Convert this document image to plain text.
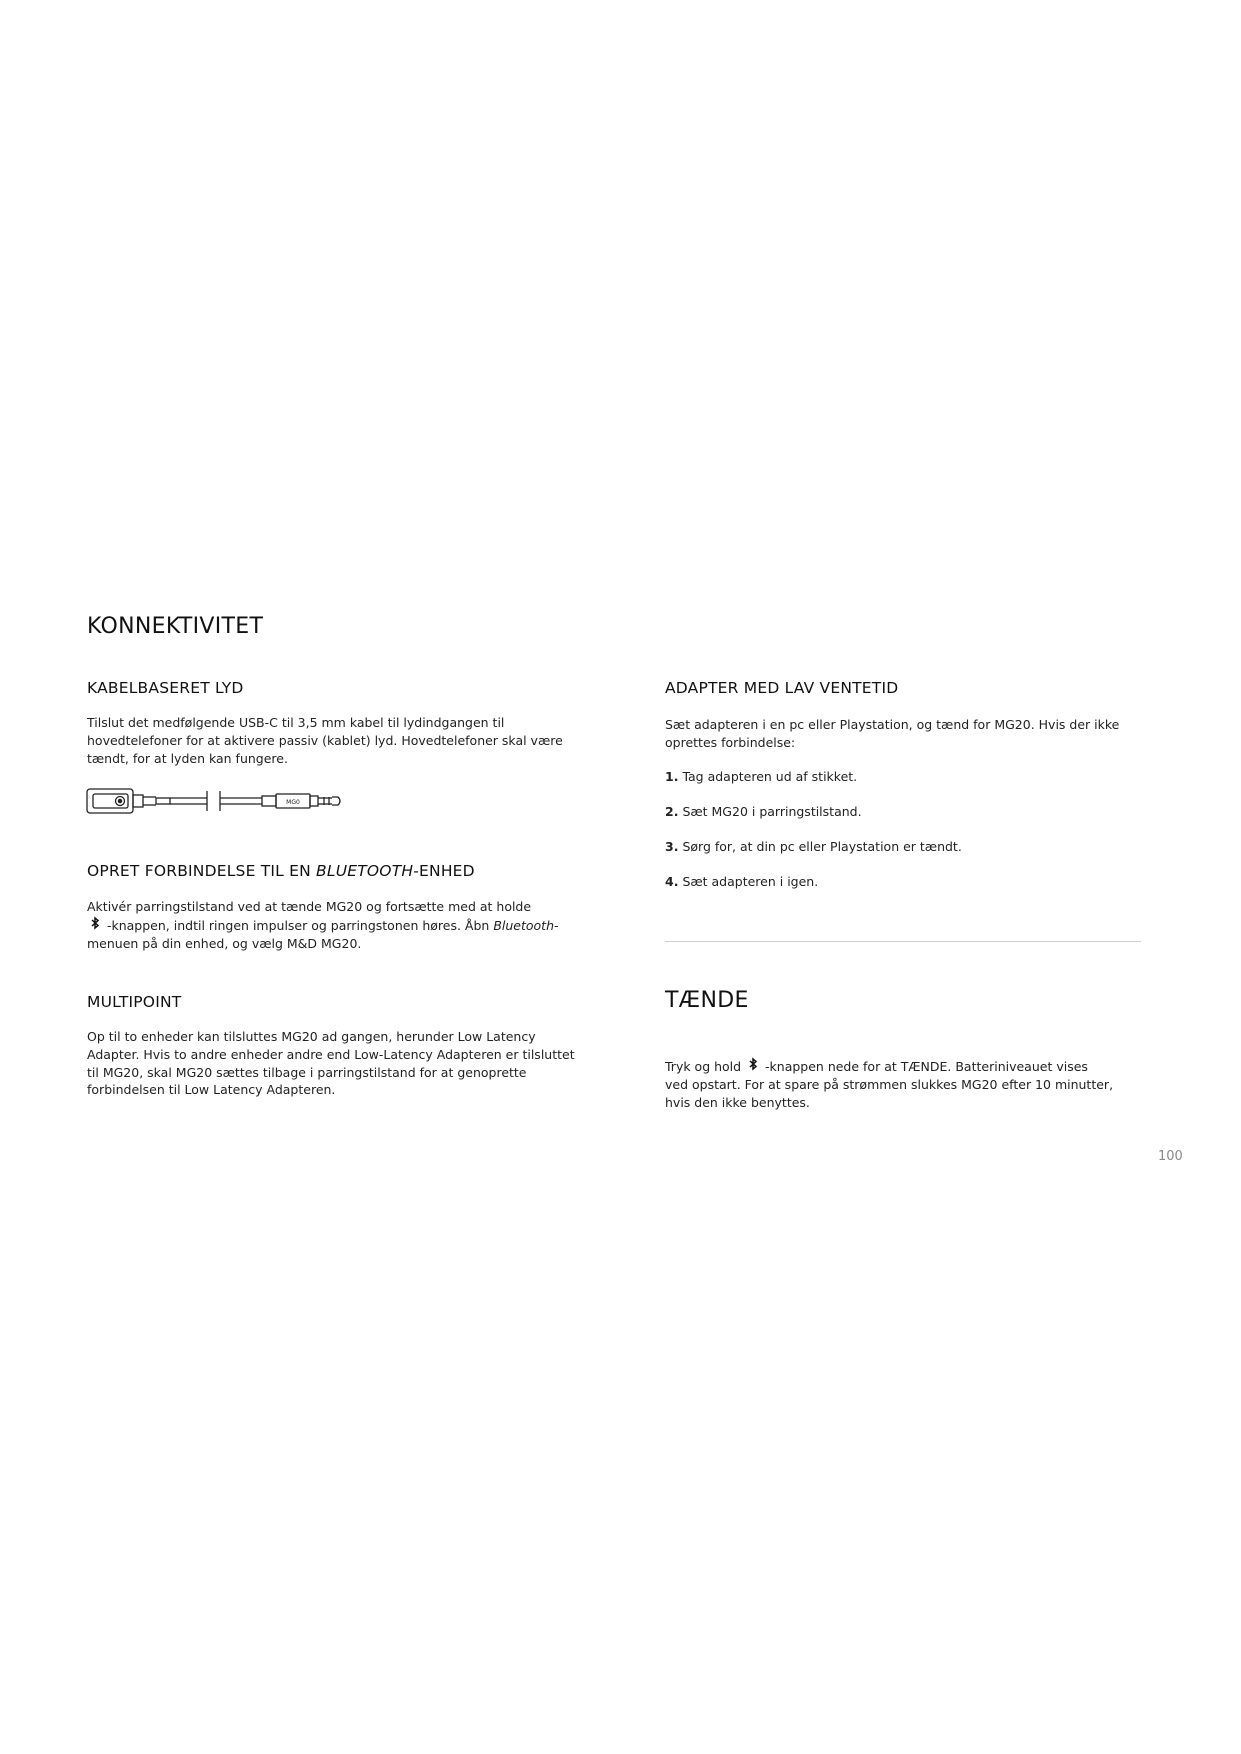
KONNEKTIVITET
KABELBASERET LYD
Tilslut det medfølgende USB-C til 3,5 mm kabel til lydindgangen til
hovedtelefoner for at aktivere passiv (kablet) lyd. Hovedtelefoner skal være
tændt, for at lyden kan fungere.
MG0
OPRET FORBINDELSE TIL EN BLUETOOTH-ENHED
Aktivér parringstilstand ved at tænde MG20 og fortsætte med at holde
-knappen, indtil ringen impulser og parringstonen høres. Åbn Bluetooth-
menuen på din enhed, og vælg M&D MG20.
MULTIPOINT
Op til to enheder kan tilsluttes MG20 ad gangen, herunder Low Latency
Adapter. Hvis to andre enheder andre end Low-Latency Adapteren er tilsluttet
til MG20, skal MG20 sættes tilbage i parringstilstand for at genoprette
forbindelsen til Low Latency Adapteren.
ADAPTER MED LAV VENTETID
Sæt adapteren i en pc eller Playstation, og tænd for MG20. Hvis der ikke
oprettes forbindelse:
1. Tag adapteren ud af stikket.
2. Sæt MG20 i parringstilstand.
3. Sørg for, at din pc eller Playstation er tændt.
4. Sæt adapteren i igen.
TÆNDE
Tryk og hold  -knappen nede for at TÆNDE. Batteriniveauet vises
ved opstart. For at spare på strømmen slukkes MG20 efter 10 minutter,
hvis den ikke benyttes.
100
